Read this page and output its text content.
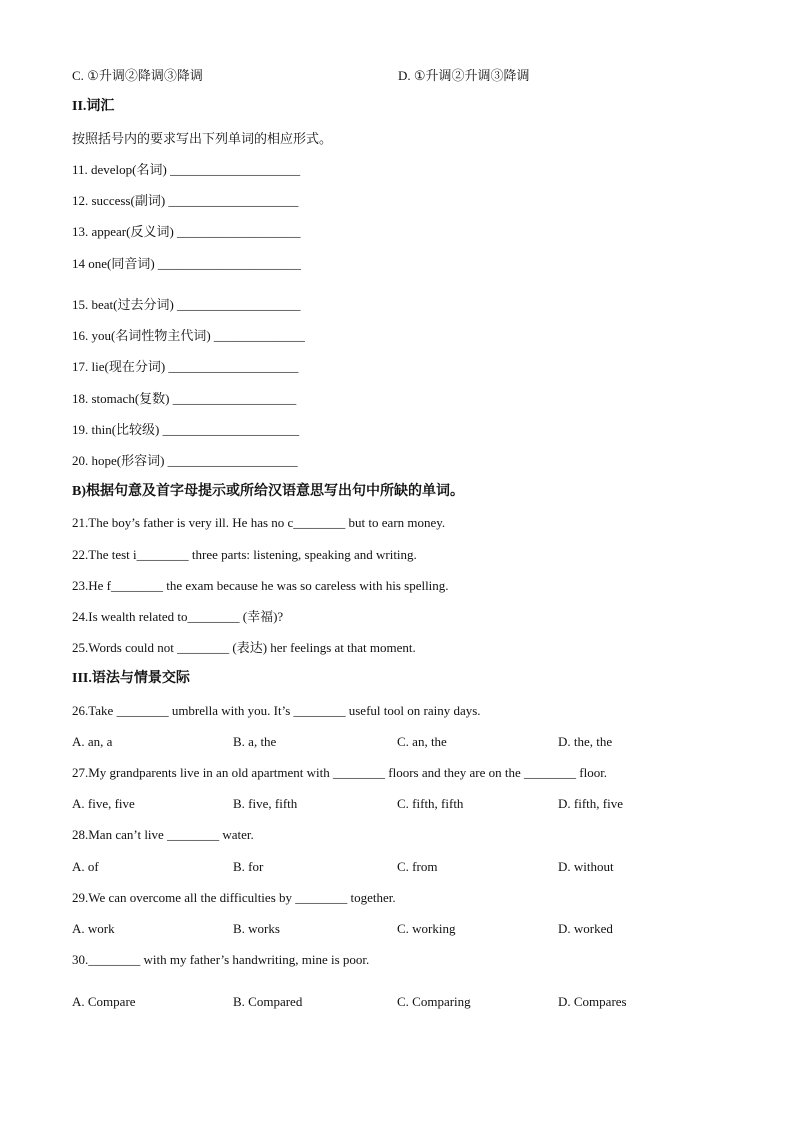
C. ①升调②降调③降调	D. ①升调②升调③降调
II.词汇
按照括号内的要求写出下列单词的相应形式。
11. develop(名词) ____________________
12. success(副词) ____________________
13. appear(反义词) ___________________
14 one(同音词) ______________________
15. beat(过去分词) ___________________
16. you(名词性物主代词) ______________
17. lie(现在分词) ____________________
18. stomach(复数) ___________________
19. thin(比较级) _____________________
20. hope(形容词) ____________________
B)根据句意及首字母提示或所给汉语意思写出句中所缺的单词。
21.The boy’s father is very ill. He has no c________ but to earn money.
22.The test i________ three parts: listening, speaking and writing.
23.He f________ the exam because he was so careless with his spelling.
24.Is wealth related to________ (幸福)?
25.Words could not ________ (表达) her feelings at that moment.
III.语法与情景交际
26.Take ________ umbrella with you. It’s ________ useful tool on rainy days.
A. an, a	B. a, the	C. an, the	D. the, the
27.My grandparents live in an old apartment with ________ floors and they are on the ________ floor.
A. five, five	B. five, fifth	C. fifth, fifth	D. fifth, five
28.Man can’t live ________ water.
A. of	B. for	C. from	D. without
29.We can overcome all the difficulties by ________ together.
A. work	B. works	C. working	D. worked
30.________ with my father’s handwriting, mine is poor.
A. Compare	B. Compared	C. Comparing	D. Compares
